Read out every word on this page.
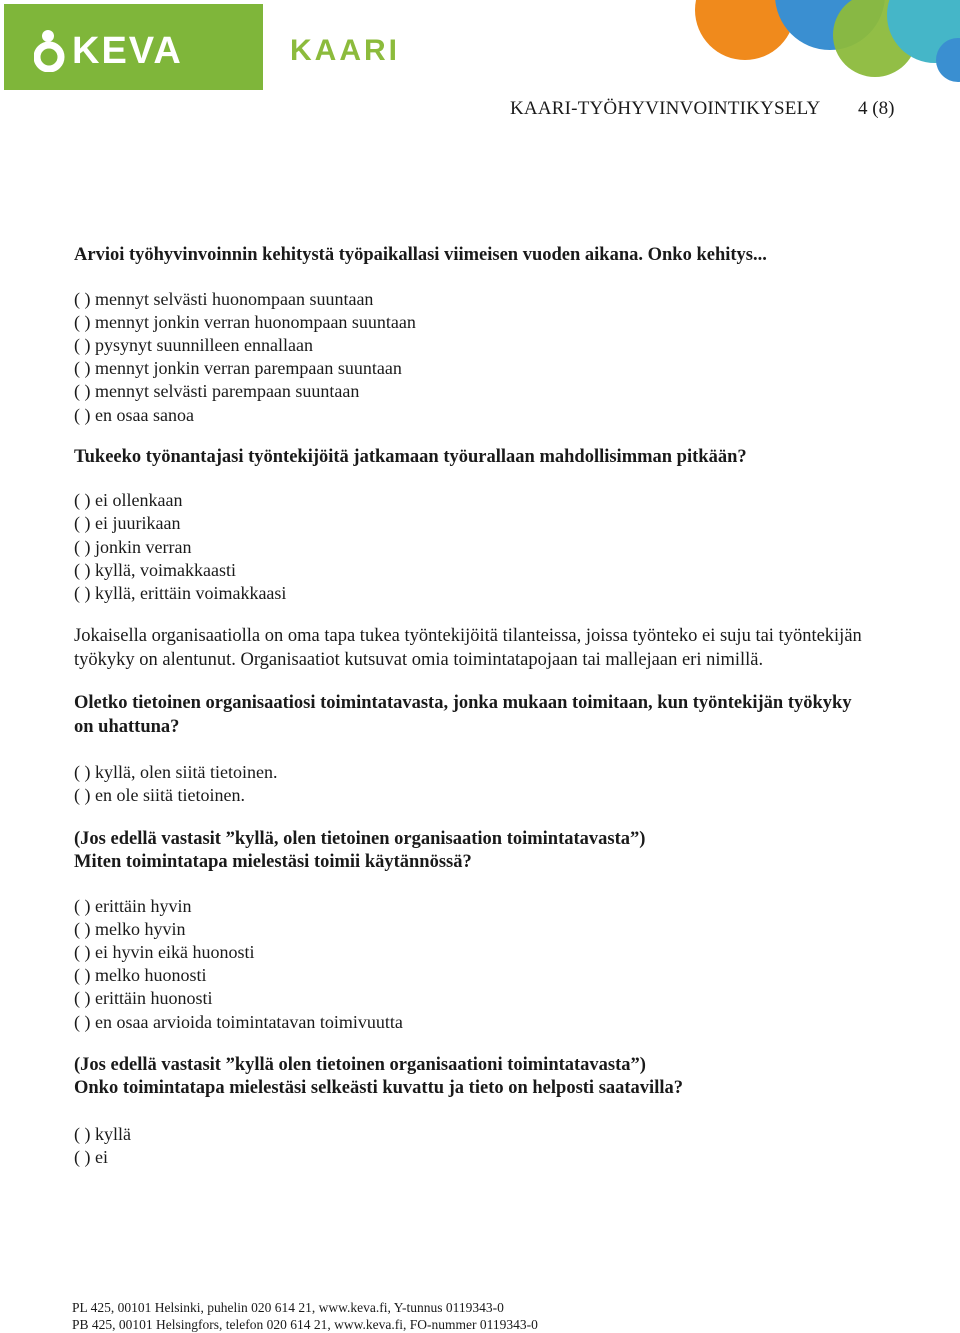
KEVA	KAARI
KAARI-TYÖHYVINVOINTIKYSELY 4 (8)

Arvioi työhyvinvoinnin kehitystä työpaikallasi viimeisen vuoden aikana. Onko kehitys...

( ) mennyt selvästi huonompaan suuntaan
( ) mennyt jonkin verran huonompaan suuntaan
( ) pysynyt suunnilleen ennallaan
( ) mennyt jonkin verran parempaan suuntaan
( ) mennyt selvästi parempaan suuntaan
( ) en osaa sanoa

Tukeeko työnantajasi työntekijöitä jatkamaan työurallaan mahdollisimman pitkään?

( ) ei ollenkaan
( ) ei juurikaan
( ) jonkin verran
( ) kyllä, voimakkaasti
( ) kyllä, erittäin voimakkaasi

Jokaisella organisaatiolla on oma tapa tukea työntekijöitä tilanteissa, joissa työnteko ei suju tai työntekijän työkyky on alentunut. Organisaatiot kutsuvat omia toimintatapojaan tai mallejaan eri nimillä.

Oletko tietoinen organisaatiosi toimintatavasta, jonka mukaan toimitaan, kun työntekijän työkyky on uhattuna?

( ) kyllä, olen siitä tietoinen.
( ) en ole siitä tietoinen.

(Jos edellä vastasit ”kyllä, olen tietoinen organisaation toimintatavasta”)

Miten toimintatapa mielestäsi toimii käytännössä?

( ) erittäin hyvin
( ) melko hyvin
( ) ei hyvin eikä huonosti
( ) melko huonosti
( ) erittäin huonosti
( ) en osaa arvioida toimintatavan toimivuutta

(Jos edellä vastasit ”kyllä olen tietoinen organisaationi toimintatavasta”)

Onko toimintatapa mielestäsi selkeästi kuvattu ja tieto on helposti saatavilla?

( ) kyllä
( ) ei
PL 425, 00101 Helsinki, puhelin 020 614 21, www.keva.fi, Y-tunnus 0119343-0
PB 425, 00101 Helsingfors, telefon 020 614 21, www.keva.fi, FO-nummer 0119343-0
